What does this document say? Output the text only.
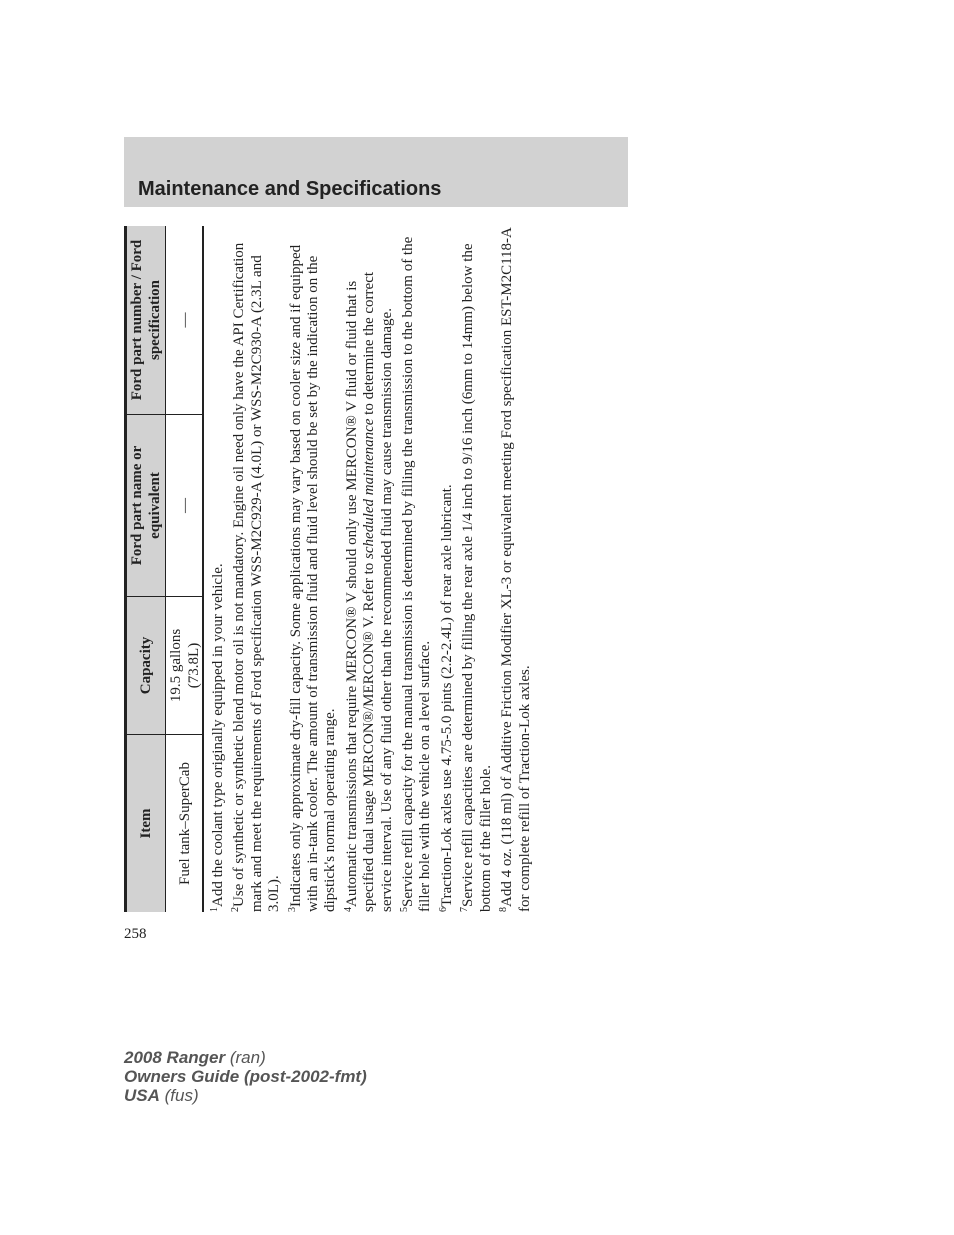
Maintenance and Specifications
Item
Capacity
Ford part name or equivalent
Ford part number / Ford specification
Fuel tank–SuperCab
19.5 gallons (73.8L)
—
—

$^1$Add the coolant type originally equipped in your vehicle.

$^2$Use of synthetic or synthetic blend motor oil is not mandatory. Engine oil need only have the API Certification mark and meet the requirements of Ford specification WSS-M2C929-A (4.0L) or WSS-M2C930-A (2.3L and 3.0L). $^3$Indicates only approximate dry-fill capacity. Some applications may vary based on cooler size and if equipped with an in-tank cooler. The amount of transmission fluid and fluid level should be set by the indication on the dipstick's normal operating range. $^4$Automatic transmissions that require MERCON® V should only use MERCON® V fluid or fluid that is specified dual usage MERCON®/MERCON® V. Refer to scheduled maintenance to determine the correct service interval. Use of any fluid other than the recommended fluid may cause transmission damage. $^5$Service refill capacity for the manual transmission is determined by filling the transmission to the bottom of the filler hole with the vehicle on a level surface. $^6$Traction-Lok axles use 4.75-5.0 pints (2.2-2.4L) of rear axle lubricant.

$^7$Service refill capacities are determined by filling the rear axle 1/4 inch to 9/16 inch (6mm to 14mm) below the bottom of the filler hole. $^8$Add 4 oz. (118 ml) of Additive Friction Modifier XL-3 or equivalent meeting Ford specification EST-M2C118-A for complete refill of Traction-Lok axles.

258
2008 Ranger (ran)
Owners Guide (post-2002-fmt)
USA (fus)
